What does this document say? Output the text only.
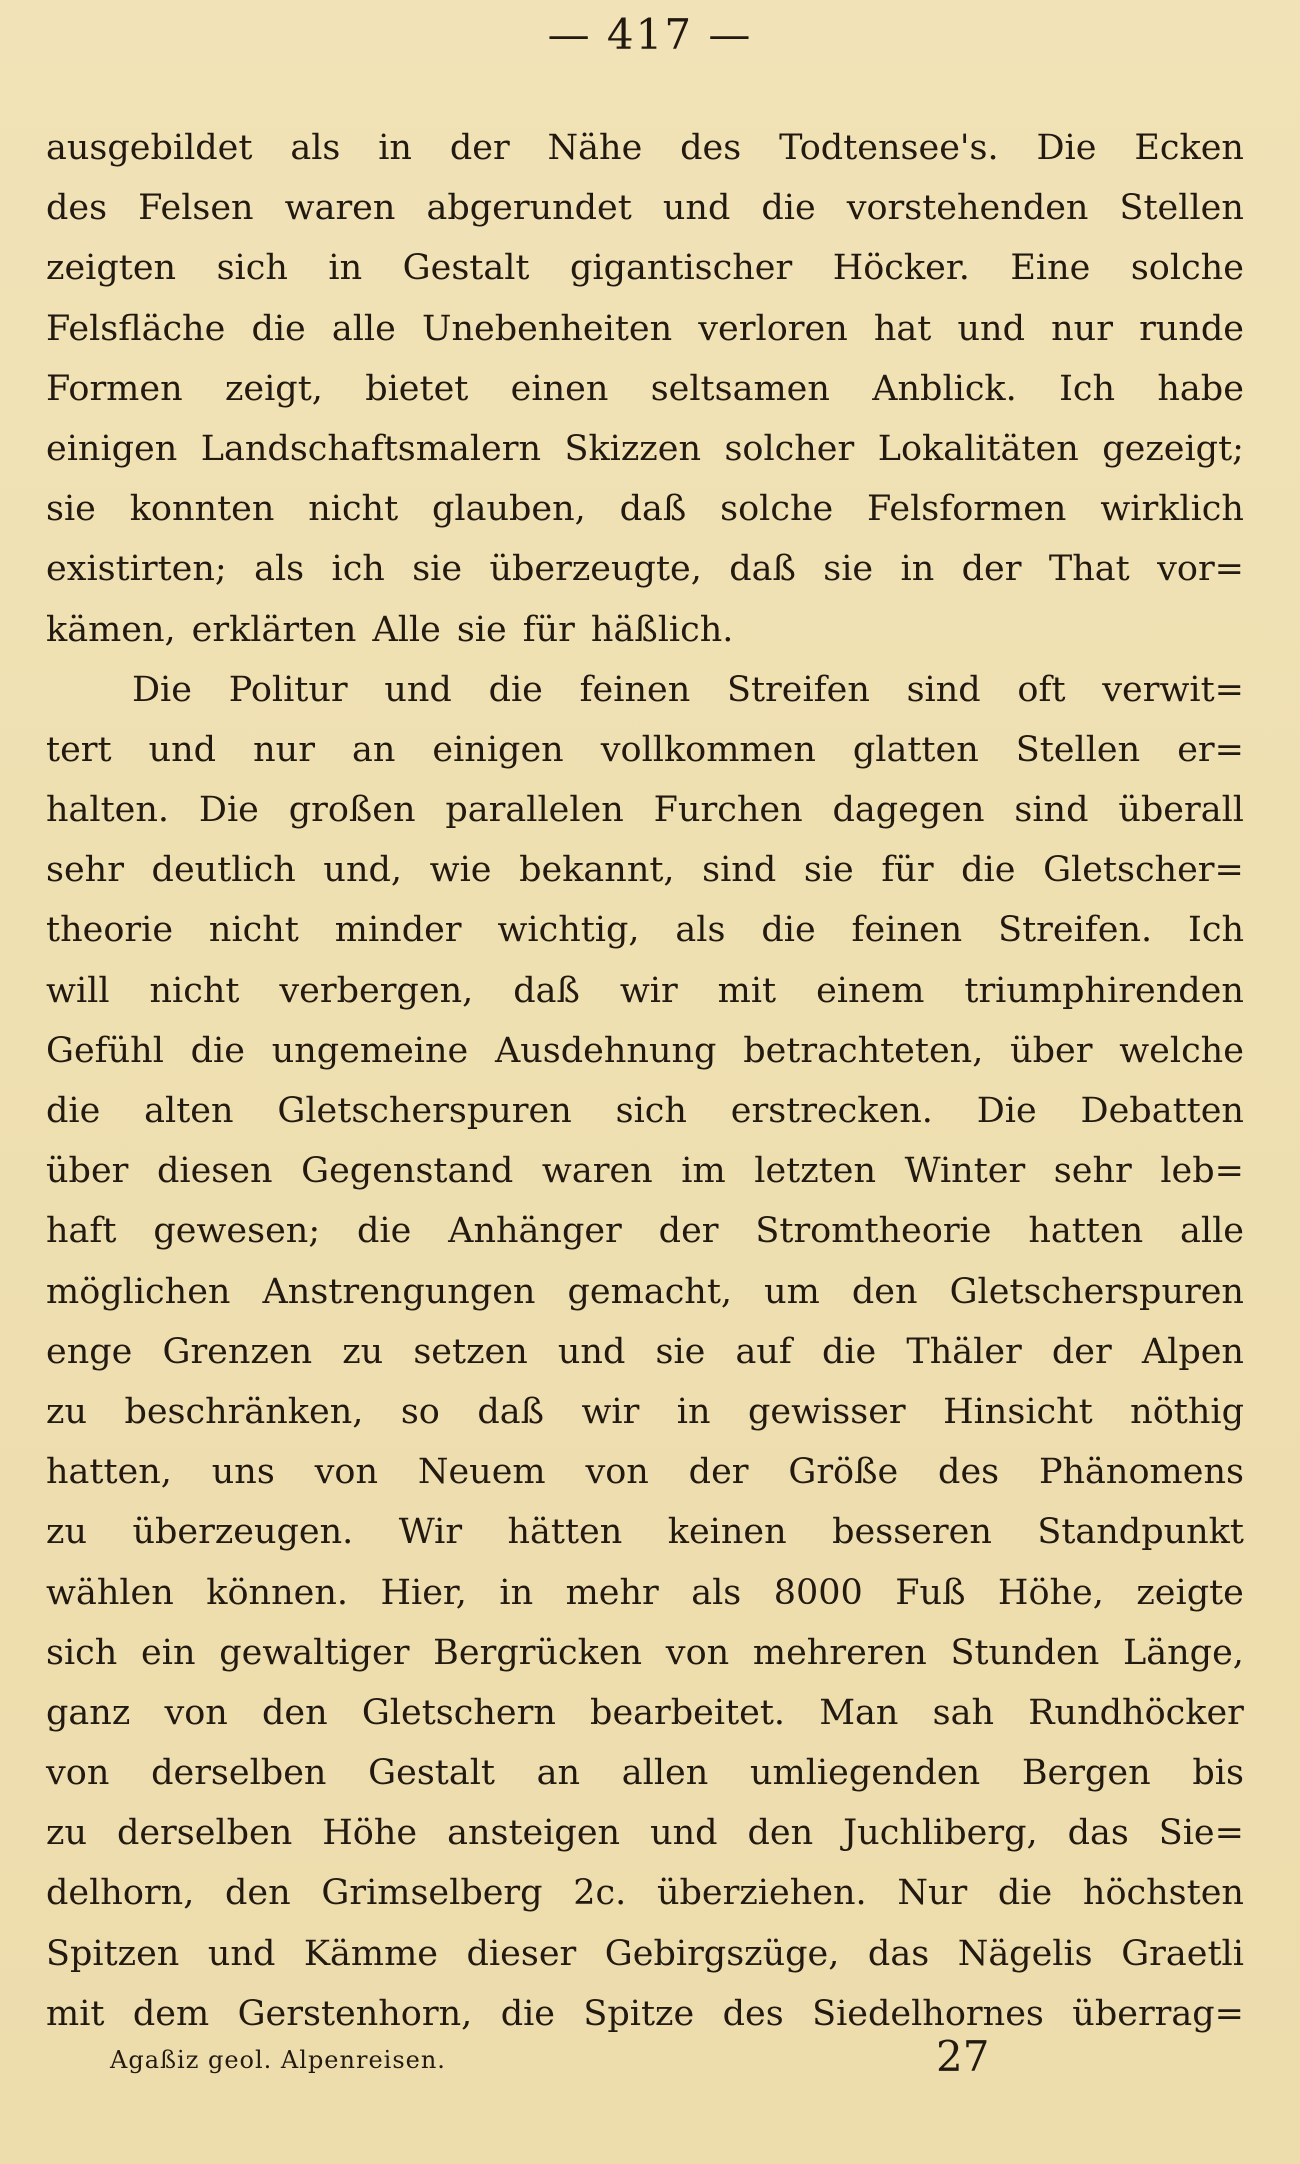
— 417 —
ausgebildet als in der Nähe des Todtensee's. Die Ecken
des Felsen waren abgerundet und die vorstehenden Stellen
zeigten sich in Gestalt gigantischer Höcker. Eine solche
Felsfläche die alle Unebenheiten verloren hat und nur runde
Formen zeigt, bietet einen seltsamen Anblick. Ich habe
einigen Landschaftsmalern Skizzen solcher Lokalitäten gezeigt;
sie konnten nicht glauben, daß solche Felsformen wirklich
existirten; als ich sie überzeugte, daß sie in der That vor=
kämen, erklärten Alle sie für häßlich.
Die Politur und die feinen Streifen sind oft verwit=
tert und nur an einigen vollkommen glatten Stellen er=
halten. Die großen parallelen Furchen dagegen sind überall
sehr deutlich und, wie bekannt, sind sie für die Gletscher=
theorie nicht minder wichtig, als die feinen Streifen. Ich
will nicht verbergen, daß wir mit einem triumphirenden
Gefühl die ungemeine Ausdehnung betrachteten, über welche
die alten Gletscherspuren sich erstrecken. Die Debatten
über diesen Gegenstand waren im letzten Winter sehr leb=
haft gewesen; die Anhänger der Stromtheorie hatten alle
möglichen Anstrengungen gemacht, um den Gletscherspuren
enge Grenzen zu setzen und sie auf die Thäler der Alpen
zu beschränken, so daß wir in gewisser Hinsicht nöthig
hatten, uns von Neuem von der Größe des Phänomens
zu überzeugen. Wir hätten keinen besseren Standpunkt
wählen können. Hier, in mehr als 8000 Fuß Höhe, zeigte
sich ein gewaltiger Bergrücken von mehreren Stunden Länge,
ganz von den Gletschern bearbeitet. Man sah Rundhöcker
von derselben Gestalt an allen umliegenden Bergen bis
zu derselben Höhe ansteigen und den Juchliberg, das Sie=
delhorn, den Grimselberg 2c. überziehen. Nur die höchsten
Spitzen und Kämme dieser Gebirgszüge, das Nägelis Graetli
mit dem Gerstenhorn, die Spitze des Siedelhornes überrag=
Agaßiz geol. Alpenreisen.	27
